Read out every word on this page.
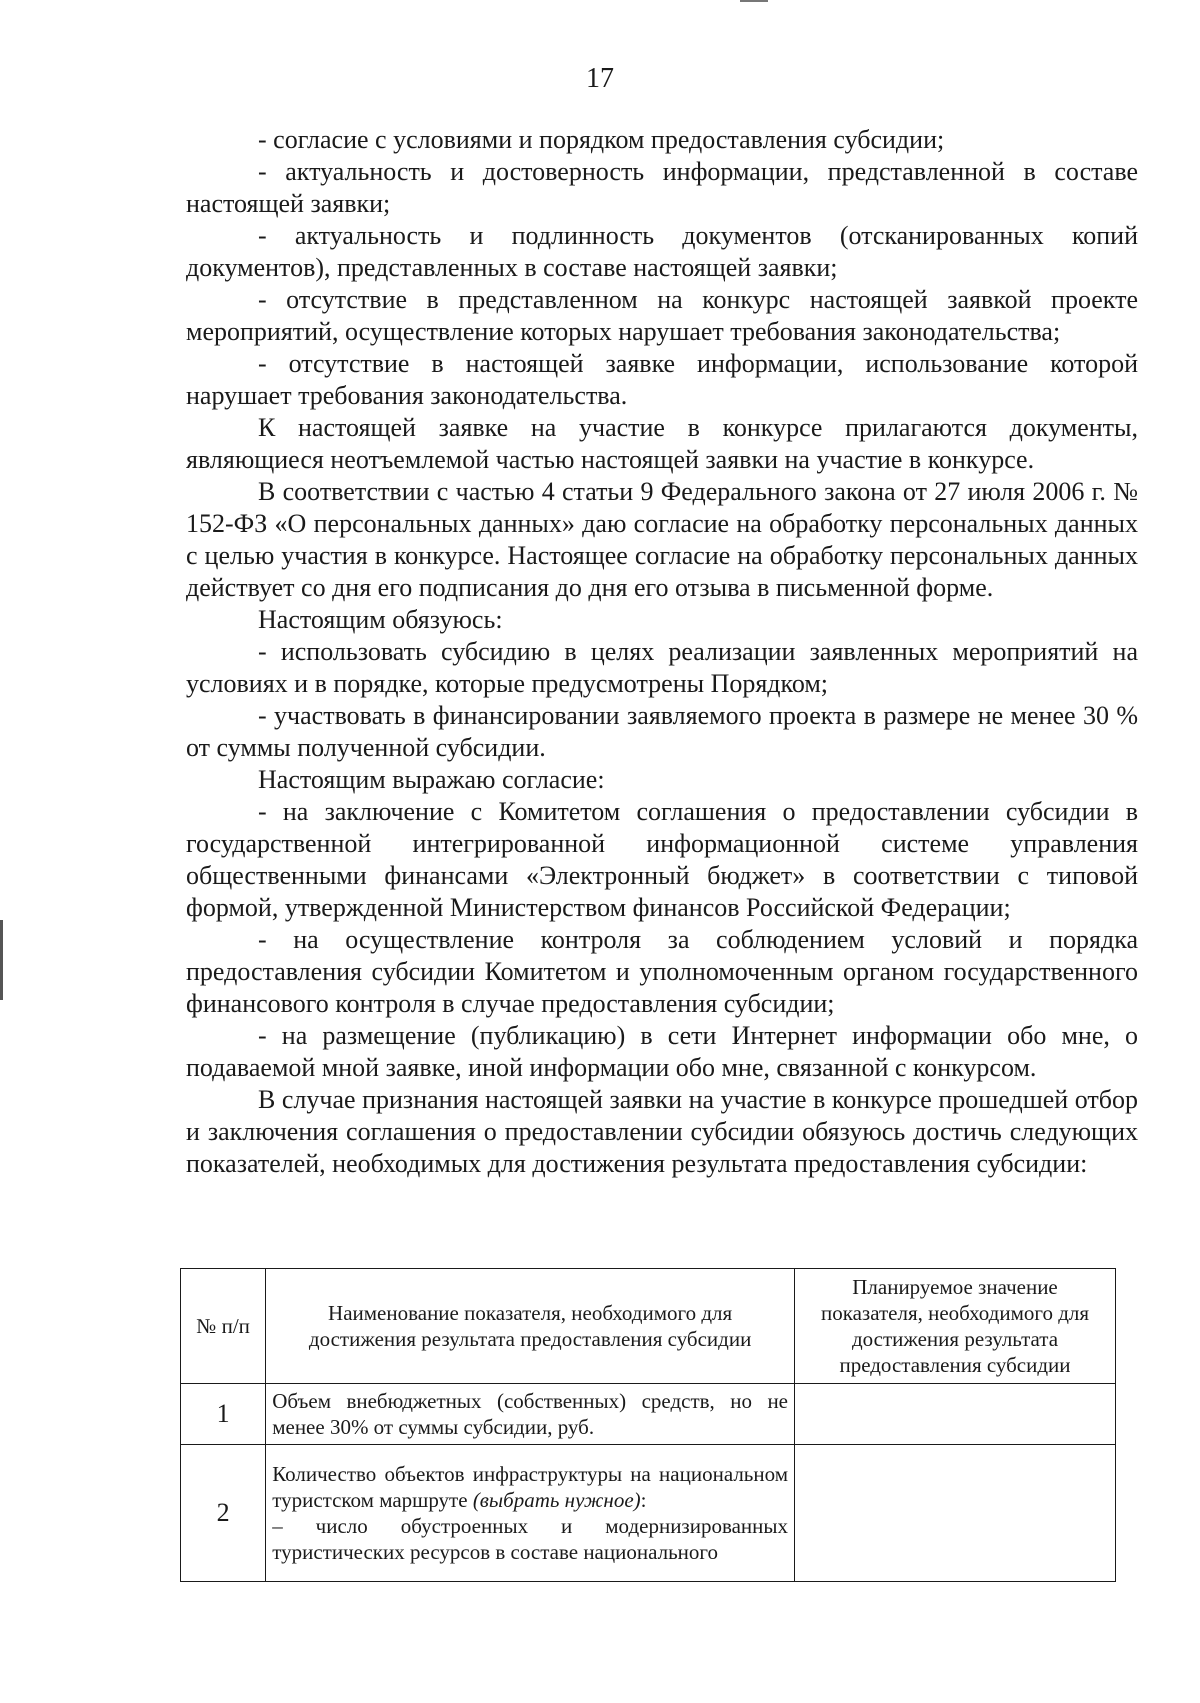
17

- согласие с условиями и порядком предоставления субсидии;

- актуальность и достоверность информации, представленной в составе настоящей заявки;

- актуальность и подлинность документов (отсканированных копий документов), представленных в составе настоящей заявки;

- отсутствие в представленном на конкурс настоящей заявкой проекте мероприятий, осуществление которых нарушает требования законодательства;

- отсутствие в настоящей заявке информации, использование которой нарушает требования законодательства.

К настоящей заявке на участие в конкурсе прилагаются документы, являющиеся неотъемлемой частью настоящей заявки на участие в конкурсе.

В соответствии с частью 4 статьи 9 Федерального закона от 27 июля 2006 г. № 152-ФЗ «О персональных данных» даю согласие на обработку персональных данных с целью участия в конкурсе. Настоящее согласие на обработку персональных данных действует со дня его подписания до дня его отзыва в письменной форме.

Настоящим обязуюсь:

- использовать субсидию в целях реализации заявленных мероприятий на условиях и в порядке, которые предусмотрены Порядком;

- участвовать в финансировании заявляемого проекта в размере не менее 30 % от суммы полученной субсидии.

Настоящим выражаю согласие:

- на заключение с Комитетом соглашения о предоставлении субсидии в государственной интегрированной информационной системе управления общественными финансами «Электронный бюджет» в соответствии с типовой формой, утвержденной Министерством финансов Российской Федерации;

- на осуществление контроля за соблюдением условий и порядка предоставления субсидии Комитетом и уполномоченным органом государственного финансового контроля в случае предоставления субсидии;

- на размещение (публикацию) в сети Интернет информации обо мне, о подаваемой мной заявке, иной информации обо мне, связанной с конкурсом.

В случае признания настоящей заявки на участие в конкурсе прошедшей отбор и заключения соглашения о предоставлении субсидии обязуюсь достичь следующих показателей, необходимых для достижения результата предоставления субсидии:

№ п/п	Наименование показателя, необходимого для достижения результата предоставления субсидии	Планируемое значение показателя, необходимого для достижения результата предоставления субсидии
1	Объем внебюджетных (собственных) средств, но не менее 30% от суммы субсидии, руб.	
2	Количество объектов инфраструктуры на национальном туристском маршруте (выбрать нужное):
– число обустроенных и модернизированных туристических ресурсов в составе национального	
